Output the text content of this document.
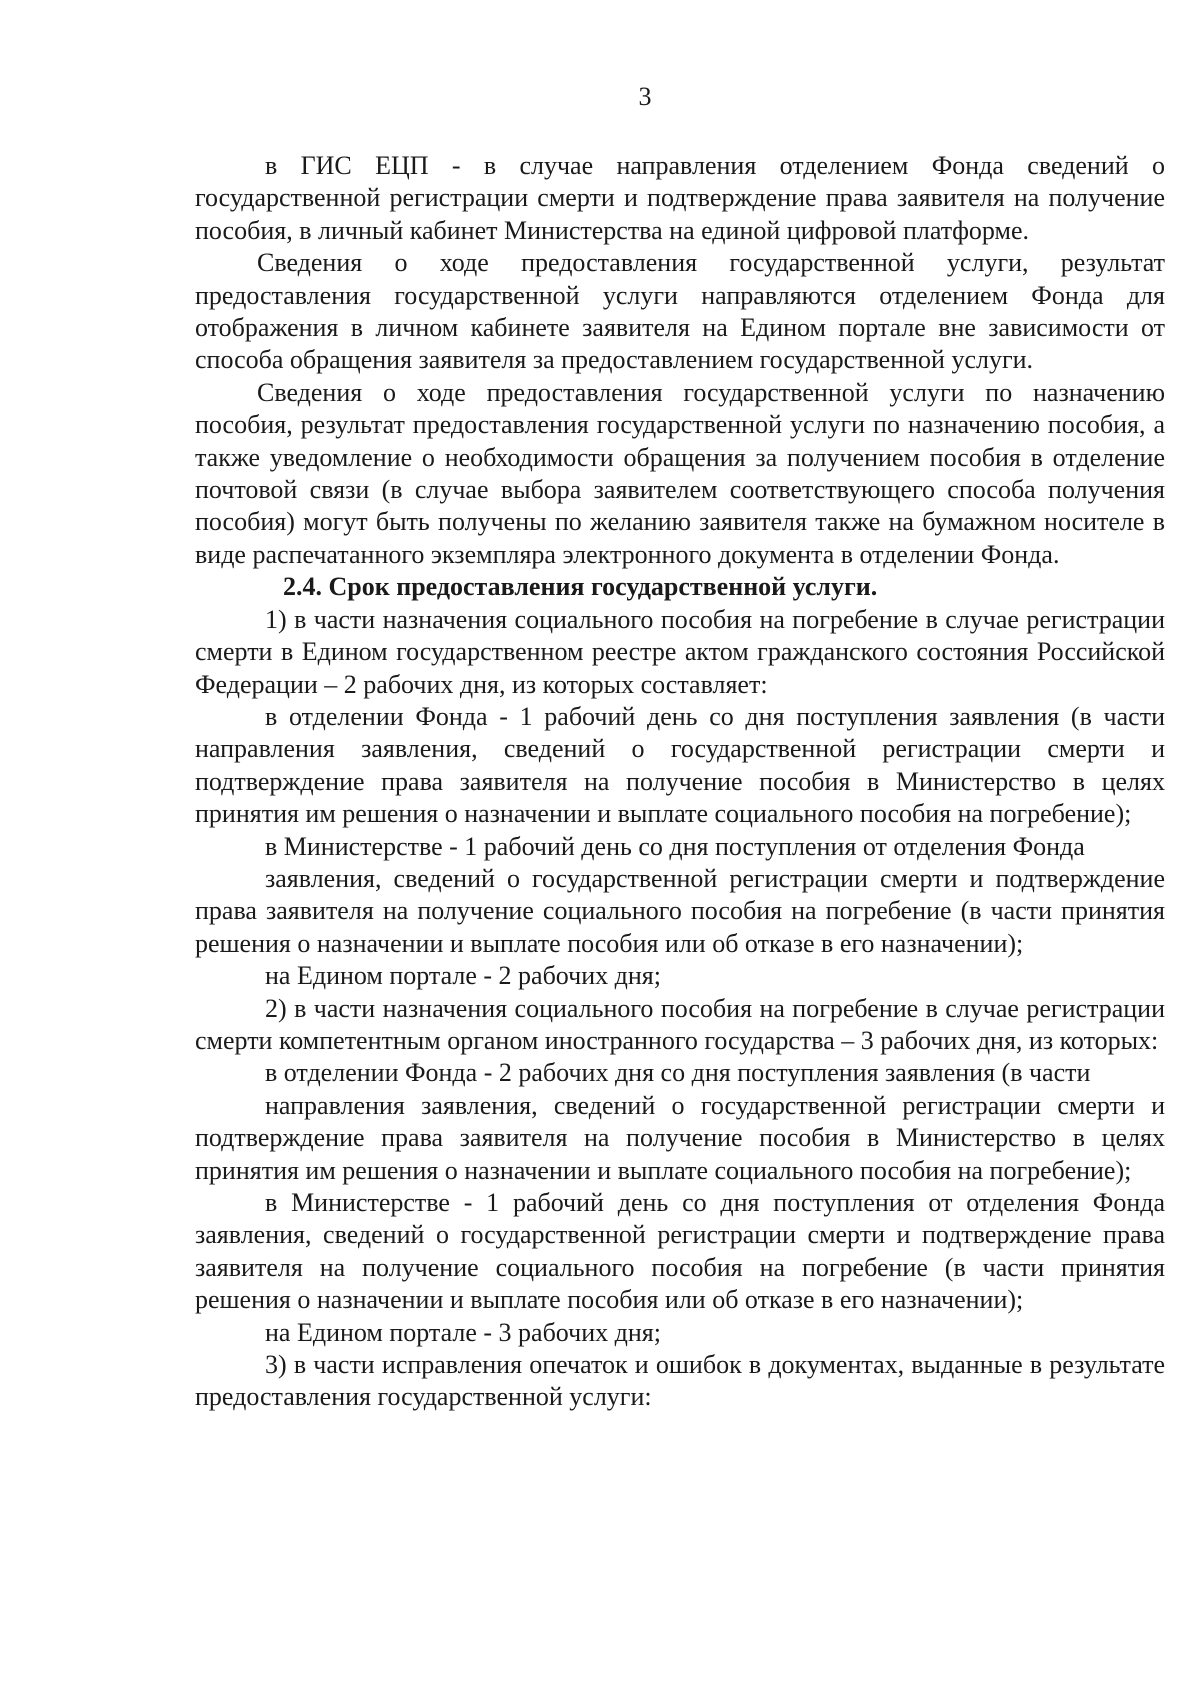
3

в ГИС ЕЦП - в случае направления отделением Фонда сведений о государственной регистрации смерти и подтверждение права заявителя на получение пособия, в личный кабинет Министерства на единой цифровой платформе.

Сведения о ходе предоставления государственной услуги, результат предоставления государственной услуги направляются отделением Фонда для отображения в личном кабинете заявителя на Едином портале вне зависимости от способа обращения заявителя за предоставлением государственной услуги.

Сведения о ходе предоставления государственной услуги по назначению пособия, результат предоставления государственной услуги по назначению пособия, а также уведомление о необходимости обращения за получением пособия в отделение почтовой связи (в случае выбора заявителем соответствующего способа получения пособия) могут быть получены по желанию заявителя также на бумажном носителе в виде распечатанного экземпляра электронного документа в отделении Фонда.

2.4. Срок предоставления государственной услуги.

1) в части назначения социального пособия на погребение в случае регистрации смерти в Едином государственном реестре актом гражданского состояния Российской Федерации – 2 рабочих дня, из которых составляет:

в отделении Фонда - 1 рабочий день со дня поступления заявления (в части направления заявления, сведений о государственной регистрации смерти и подтверждение права заявителя на получение пособия в Министерство в целях принятия им решения о назначении и выплате социального пособия на погребение);

в Министерстве - 1 рабочий день со дня поступления от отделения Фонда

заявления, сведений о государственной регистрации смерти и подтверждение права заявителя на получение социального пособия на погребение (в части принятия решения о назначении и выплате пособия или об отказе в его назначении);

на Едином портале - 2 рабочих дня;

2) в части назначения социального пособия на погребение в случае регистрации смерти компетентным органом иностранного государства – 3 рабочих дня, из которых:

в отделении Фонда - 2 рабочих дня со дня поступления заявления (в части

направления заявления, сведений о государственной регистрации смерти и подтверждение права заявителя на получение пособия в Министерство в целях принятия им решения о назначении и выплате социального пособия на погребение);

в Министерстве - 1 рабочий день со дня поступления от отделения Фонда заявления, сведений о государственной регистрации смерти и подтверждение права заявителя на получение социального пособия на погребение (в части принятия решения о назначении и выплате пособия или об отказе в его назначении);

на Едином портале - 3 рабочих дня;

3) в части исправления опечаток и ошибок в документах, выданные в результате предоставления государственной услуги:
